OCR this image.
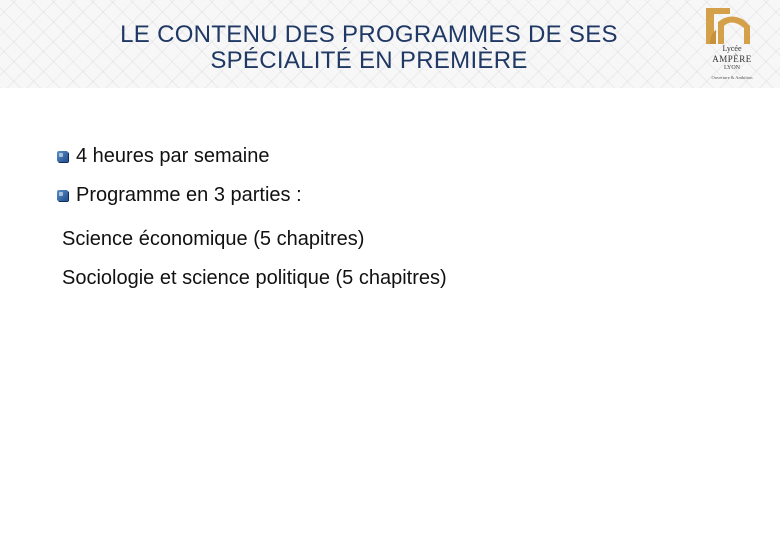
LE CONTENU DES PROGRAMMES DE SES
SPÉCIALITÉ EN PREMIÈRE	Lycée
AMPÈRE
LYON
Ouverture & Ambition
4 heures par semaine
Programme en 3 parties :
Science économique (5 chapitres)
Sociologie et science politique (5 chapitres)
